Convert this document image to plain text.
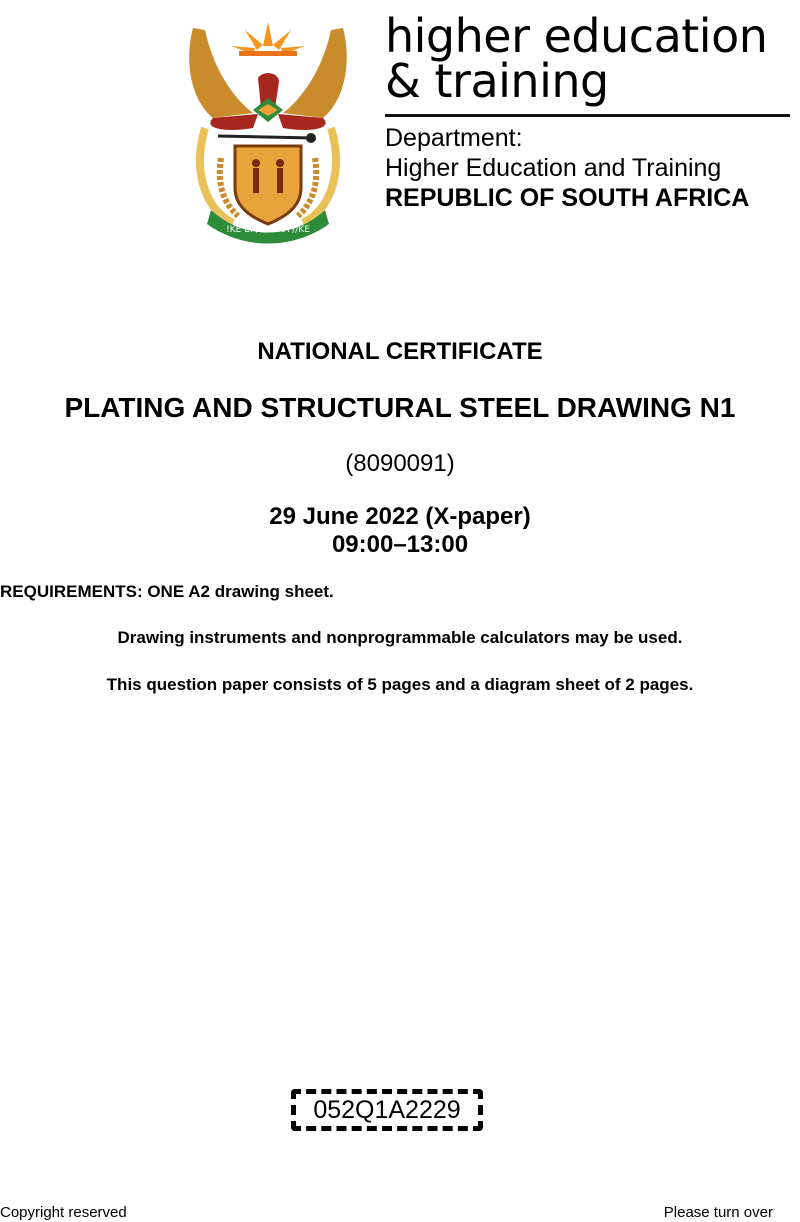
!KE E: /XARRA //KE
higher education
& training
Department:
Higher Education and Training
REPUBLIC OF SOUTH AFRICA
NATIONAL CERTIFICATE
PLATING AND STRUCTURAL STEEL DRAWING N1
(8090091)
29 June 2022 (X-paper)
09:00–13:00
REQUIREMENTS: ONE A2 drawing sheet.
Drawing instruments and nonprogrammable calculators may be used.
This question paper consists of 5 pages and a diagram sheet of 2 pages.
052Q1A2229
Copyright reserved	Please turn over
